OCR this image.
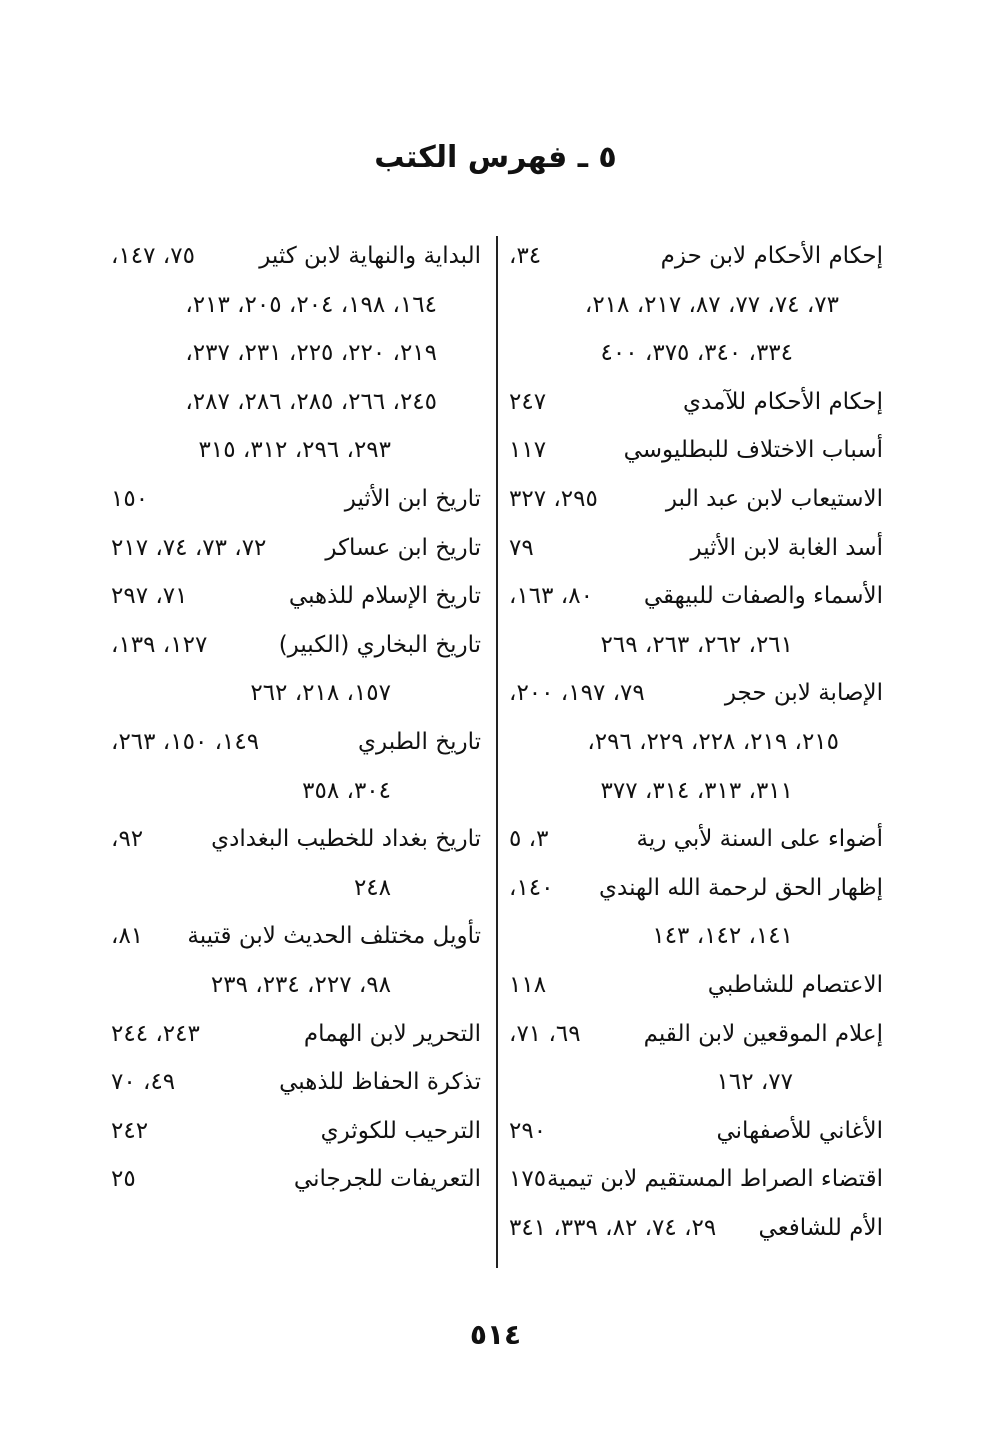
٥ ـ فهرس الكتب
إحكام الأحكام لابن حزم
٣٤،
٧٣، ٧٤، ٧٧، ٨٧، ٢١٧، ٢١٨،
٣٣٤، ٣٤٠، ٣٧٥، ٤٠٠
إحكام الأحكام للآمدي
٢٤٧
أسباب الاختلاف للبطليوسي
١١٧
الاستيعاب لابن عبد البر
٢٩٥، ٣٢٧
أسد الغابة لابن الأثير
٧٩
الأسماء والصفات للبيهقي
٨٠، ١٦٣،
٢٦١، ٢٦٢، ٢٦٣، ٢٦٩
الإصابة لابن حجر
٧٩، ١٩٧، ٢٠٠،
٢١٥، ٢١٩، ٢٢٨، ٢٢٩، ٢٩٦،
٣١١، ٣١٣، ٣١٤، ٣٧٧
أضواء على السنة لأبي رية
٣، ٥
إظهار الحق لرحمة الله الهندي
١٤٠،
١٤١، ١٤٢، ١٤٣
الاعتصام للشاطبي
١١٨
إعلام الموقعين لابن القيم
٦٩، ٧١،
٧٧، ١٦٢
الأغاني للأصفهاني
٢٩٠
اقتضاء الصراط المستقيم لابن تيمية
١٧٥
الأم للشافعي
٢٩، ٧٤، ٨٢، ٣٣٩، ٣٤١
البداية والنهاية لابن كثير
٧٥، ١٤٧،
١٦٤، ١٩٨، ٢٠٤، ٢٠٥، ٢١٣،
٢١٩، ٢٢٠، ٢٢٥، ٢٣١، ٢٣٧،
٢٤٥، ٢٦٦، ٢٨٥، ٢٨٦، ٢٨٧،
٢٩٣، ٢٩٦، ٣١٢، ٣١٥
تاريخ ابن الأثير
١٥٠
تاريخ ابن عساكر
٧٢، ٧٣، ٧٤، ٢١٧
تاريخ الإسلام للذهبي
٧١، ٢٩٧
تاريخ البخاري (الكبير)
١٢٧، ١٣٩،
١٥٧، ٢١٨، ٢٦٢
تاريخ الطبري
١٤٩، ١٥٠، ٢٦٣،
٣٠٤، ٣٥٨
تاريخ بغداد للخطيب البغدادي
٩٢،
٢٤٨
تأويل مختلف الحديث لابن قتيبة
٨١،
٩٨، ٢٢٧، ٢٣٤، ٢٣٩
التحرير لابن الهمام
٢٤٣، ٢٤٤
تذكرة الحفاظ للذهبي
٤٩، ٧٠
الترحيب للكوثري
٢٤٢
التعريفات للجرجاني
٢٥
٥١٤
